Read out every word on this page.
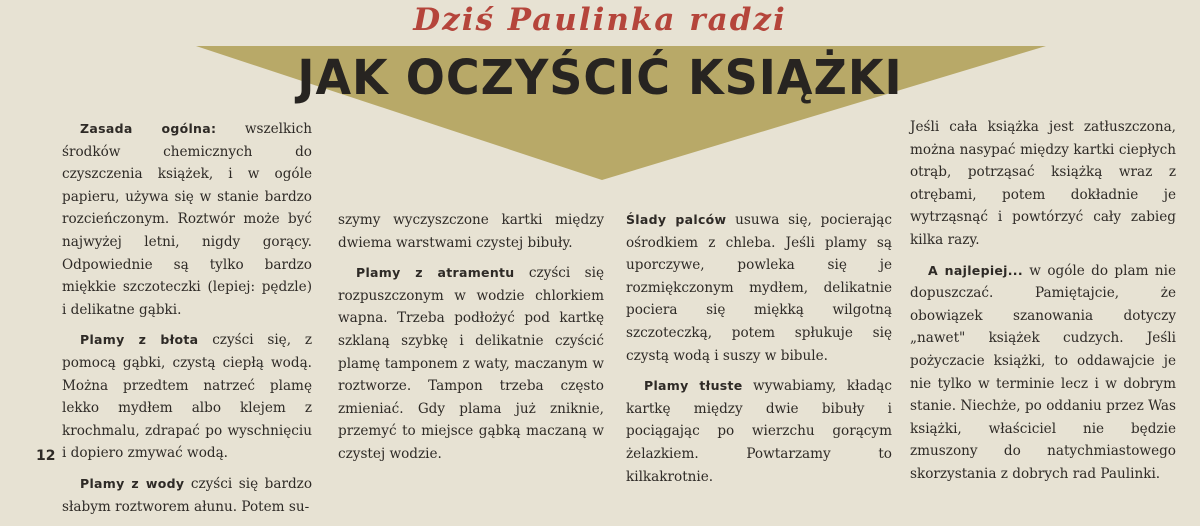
Dziś Paulinka radzi
JAK OCZYŚCIĆ KSIĄŻKI

Zasada ogólna: wszelkich środków chemicznych do czyszczenia książek, i w ogóle papieru, używa się w stanie bardzo rozcieńczonym. Roztwór może być najwyżej letni, nigdy gorący. Odpowiednie są tylko bardzo miękkie szczoteczki (lepiej: pędzle) i delikatne gąbki.

Plamy z błota czyści się, z pomocą gąbki, czystą ciepłą wodą. Można przedtem natrzeć plamę lekko mydłem albo klejem z krochmalu, zdrapać po wyschnięciu i dopiero zmywać wodą.

Plamy z wody czyści się bardzo słabym roztworem ałunu. Potem su-

szymy wyczyszczone kartki między dwiema warstwami czystej bibuły.

Plamy z atramentu czyści się rozpuszczonym w wodzie chlorkiem wapna. Trzeba podłożyć pod kartkę szklaną szybkę i delikatnie czyścić plamę tamponem z waty, maczanym w roztworze. Tampon trzeba często zmieniać. Gdy plama już zniknie, przemyć to miejsce gąbką maczaną w czystej wodzie.

Ślady palców usuwa się, pocierając ośrodkiem z chleba. Jeśli plamy są uporczywe, powleka się je rozmiękczonym mydłem, delikatnie pociera się miękką wilgotną szczoteczką, potem spłukuje się czystą wodą i suszy w bibule.

Plamy tłuste wywabiamy, kładąc kartkę między dwie bibuły i pociągając po wierzchu gorącym żelazkiem. Powtarzamy to kilkakrotnie.

Jeśli cała książka jest zatłuszczona, można nasypać między kartki ciepłych otrąb, potrząsać książką wraz z otrębami, potem dokładnie je wytrząsnąć i powtórzyć cały zabieg kilka razy.

A najlepiej... w ogóle do plam nie dopuszczać. Pamiętajcie, że obowiązek szanowania dotyczy „nawet" książek cudzych. Jeśli pożyczacie książki, to oddawajcie je nie tylko w terminie lecz i w dobrym stanie. Niechże, po oddaniu przez Was książki, właściciel nie będzie zmuszony do natychmiastowego skorzystania z dobrych rad Paulinki.

12
